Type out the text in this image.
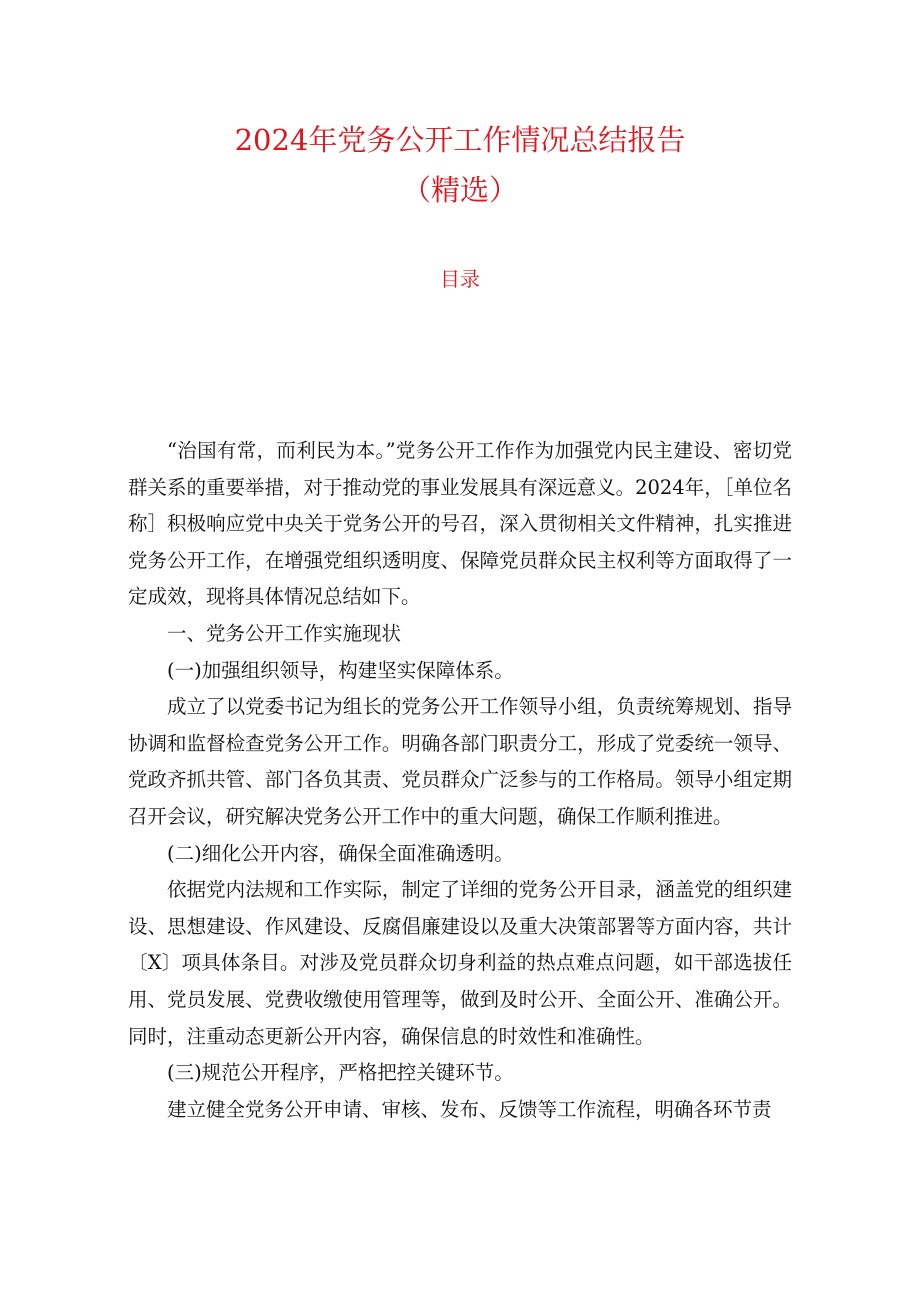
2024年党务公开工作情况总结报告
（精选）
目录

“治国有常，而利民为本。”党务公开工作作为加强党内民主建设、密切党群关系的重要举措，对于推动党的事业发展具有深远意义。2024年，［单位名称］积极响应党中央关于党务公开的号召，深入贯彻相关文件精神，扎实推进党务公开工作，在增强党组织透明度、保障党员群众民主权利等方面取得了一定成效，现将具体情况总结如下。

一、党务公开工作实施现状

(一)加强组织领导，构建坚实保障体系。

成立了以党委书记为组长的党务公开工作领导小组，负责统筹规划、指导协调和监督检查党务公开工作。明确各部门职责分工，形成了党委统一领导、党政齐抓共管、部门各负其责、党员群众广泛参与的工作格局。领导小组定期召开会议，研究解决党务公开工作中的重大问题，确保工作顺利推进。

(二)细化公开内容，确保全面准确透明。

依据党内法规和工作实际，制定了详细的党务公开目录，涵盖党的组织建设、思想建设、作风建设、反腐倡廉建设以及重大决策部署等方面内容，共计〔X〕项具体条目。对涉及党员群众切身利益的热点难点问题，如干部选拔任用、党员发展、党费收缴使用管理等，做到及时公开、全面公开、准确公开。同时，注重动态更新公开内容，确保信息的时效性和准确性。

(三)规范公开程序，严格把控关键环节。

建立健全党务公开申请、审核、发布、反馈等工作流程，明确各环节责
